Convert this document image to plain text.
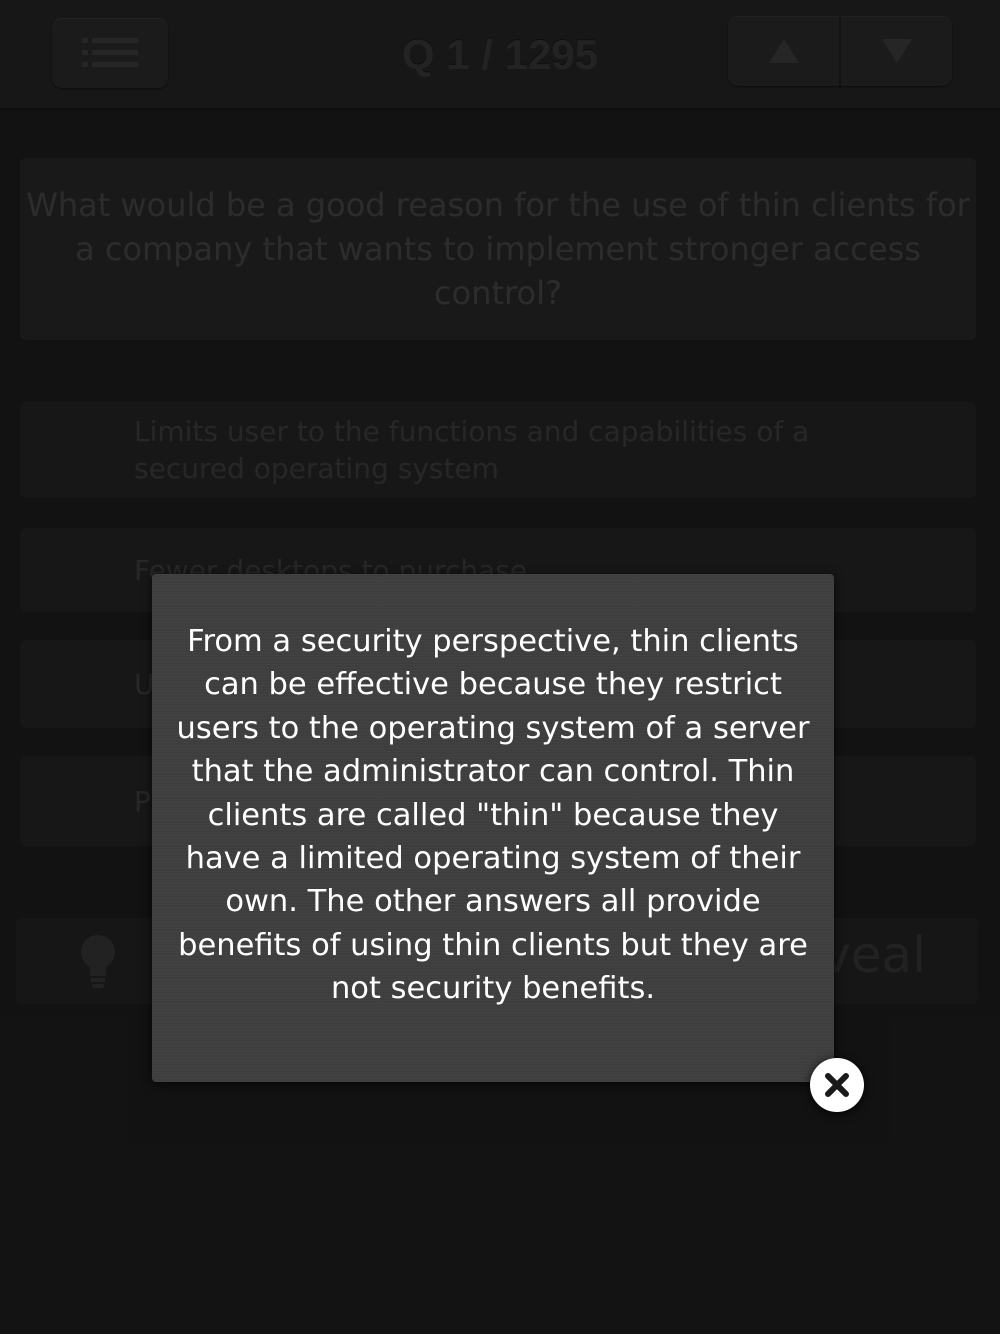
From a security perspective, thin clients
can be effective because they restrict
users to the operating system of a server
that the administrator can control. Thin
clients are called "thin" because they
have a limited operating system of their
own. The other answers all provide
benefits of using thin clients but they are
not security benefits.
